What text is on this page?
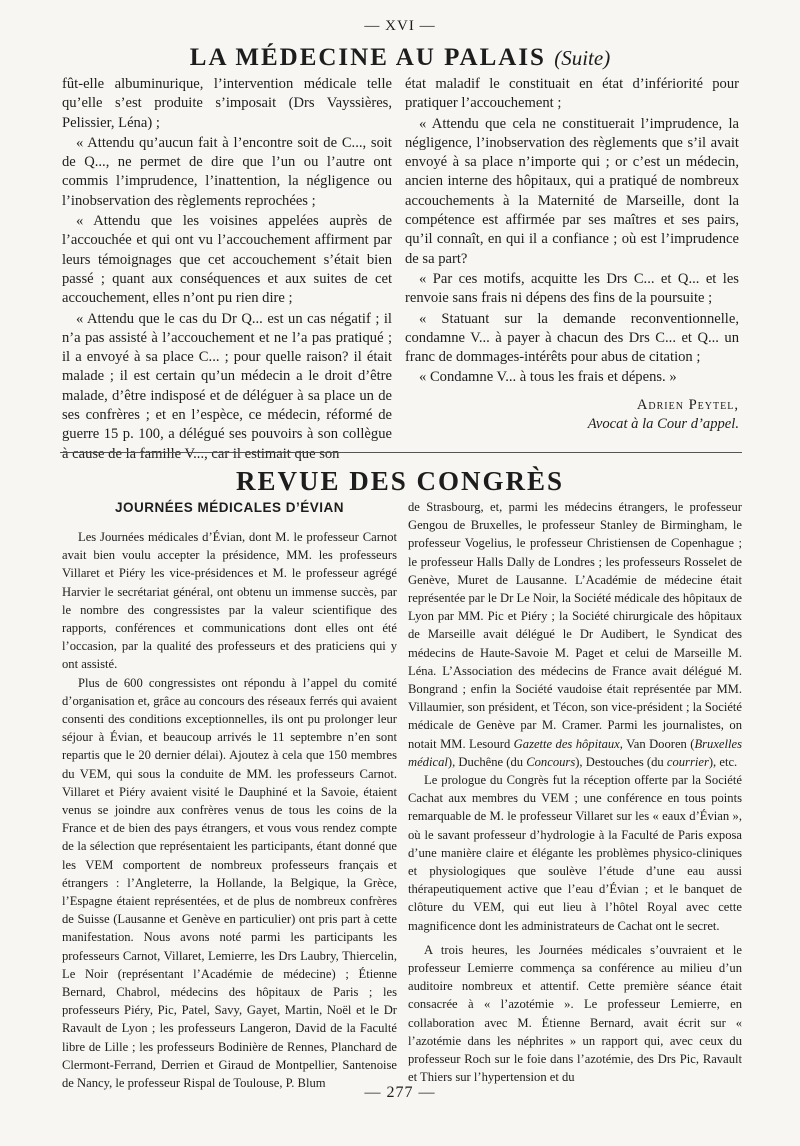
— XVI —
LA MÉDECINE AU PALAIS (Suite)

fût-elle albuminurique, l’intervention médicale telle qu’elle s’est produite s’imposait (Drs Vayssières, Pelissier, Léna) ;

« Attendu qu’aucun fait à l’encontre soit de C..., soit de Q..., ne permet de dire que l’un ou l’autre ont commis l’imprudence, l’inattention, la négligence ou l’inobservation des règlements reprochées ;

« Attendu que les voisines appelées auprès de l’accouchée et qui ont vu l’accouchement affirment par leurs témoignages que cet accouchement s’était bien passé ; quant aux conséquences et aux suites de cet accouchement, elles n’ont pu rien dire ;

« Attendu que le cas du Dr Q... est un cas négatif ; il n’a pas assisté à l’accouchement et ne l’a pas pratiqué ; il a envoyé à sa place C... ; pour quelle raison? il était malade ; il est certain qu’un médecin a le droit d’être malade, d’être indisposé et de déléguer à sa place un de ses confrères ; et en l’espèce, ce médecin, réformé de guerre 15 p. 100, a délégué ses pouvoirs à son collègue à cause de la famille V..., car il estimait que son

état maladif le constituait en état d’infériorité pour pratiquer l’accouchement ;

« Attendu que cela ne constituerait l’imprudence, la négligence, l’inobservation des règlements que s’il avait envoyé à sa place n’importe qui ; or c’est un médecin, ancien interne des hôpitaux, qui a pratiqué de nombreux accouchements à la Maternité de Marseille, dont la compétence est affirmée par ses maîtres et ses pairs, qu’il connaît, en qui il a confiance ; où est l’imprudence de sa part?

« Par ces motifs, acquitte les Drs C... et Q... et les renvoie sans frais ni dépens des fins de la poursuite ;

« Statuant sur la demande reconventionnelle, condamne V... à payer à chacun des Drs C... et Q... un franc de dommages-intérêts pour abus de citation ;

« Condamne V... à tous les frais et dépens. »

Adrien Peytel,
Avocat à la Cour d’appel.
REVUE DES CONGRÈS
JOURNÉES MÉDICALES D’ÉVIAN

Les Journées médicales d’Évian, dont M. le professeur Carnot avait bien voulu accepter la présidence, MM. les professeurs Villaret et Piéry les vice-présidences et M. le professeur agrégé Harvier le secrétariat général, ont obtenu un immense succès, par le nombre des congressistes par la valeur scientifique des rapports, conférences et communications dont elles ont été l’occasion, par la qualité des professeurs et des praticiens qui y ont assisté.

Plus de 600 congressistes ont répondu à l’appel du comité d’organisation et, grâce au concours des réseaux ferrés qui avaient consenti des conditions exceptionnelles, ils ont pu prolonger leur séjour à Évian, et beaucoup arrivés le 11 septembre n’en sont repartis que le 20 dernier délai). Ajoutez à cela que 150 membres du VEM, qui sous la conduite de MM. les professeurs Carnot. Villaret et Piéry avaient visité le Dauphiné et la Savoie, étaient venus se joindre aux confrères venus de tous les coins de la France et de bien des pays étrangers, et vous vous rendez compte de la sélection que représentaient les participants, étant donné que les VEM comportent de nombreux professeurs français et étrangers : l’Angleterre, la Hollande, la Belgique, la Grèce, l’Espagne étaient représentées, et de plus de nombreux confrères de Suisse (Lausanne et Genève en particulier) ont pris part à cette manifestation. Nous avons noté parmi les participants les professeurs Carnot, Villaret, Lemierre, les Drs Laubry, Thiercelin, Le Noir (représentant l’Académie de médecine) ; Étienne Bernard, Chabrol, médecins des hôpitaux de Paris ; les professeurs Piéry, Pic, Patel, Savy, Gayet, Martin, Noël et le Dr Ravault de Lyon ; les professeurs Langeron, David de la Faculté libre de Lille ; les professeurs Bodinière de Rennes, Planchard de Clermont-Ferrand, Derrien et Giraud de Montpellier, Santenoise de Nancy, le professeur Rispal de Toulouse, P. Blum

de Strasbourg, et, parmi les médecins étrangers, le professeur Gengou de Bruxelles, le professeur Stanley de Birmingham, le professeur Vogelius, le professeur Christiensen de Copenhague ; le professeur Halls Dally de Londres ; les professeurs Rosselet de Genève, Muret de Lausanne. L’Académie de médecine était représentée par le Dr Le Noir, la Société médicale des hôpitaux de Lyon par MM. Pic et Piéry ; la Société chirurgicale des hôpitaux de Marseille avait délégué le Dr Audibert, le Syndicat des médecins de Haute-Savoie M. Paget et celui de Marseille M. Léna. L’Association des médecins de France avait délégué M. Bongrand ; enfin la Société vaudoise était représentée par MM. Villaumier, son président, et Técon, son vice-président ; la Société médicale de Genève par M. Cramer. Parmi les journalistes, on notait MM. Lesourd Gazette des hôpitaux, Van Dooren (Bruxelles médical), Duchêne (du Concours), Destouches (du courrier), etc.

Le prologue du Congrès fut la réception offerte par la Société Cachat aux membres du VEM ; une conférence en tous points remarquable de M. le professeur Villaret sur les « eaux d’Évian », où le savant professeur d’hydrologie à la Faculté de Paris exposa d’une manière claire et élégante les problèmes physico-cliniques et physiologiques que soulève l’étude d’une eau aussi thérapeutiquement active que l’eau d’Évian ; et le banquet de clôture du VEM, qui eut lieu à l’hôtel Royal avec cette magnificence dont les administrateurs de Cachat ont le secret.

A trois heures, les Journées médicales s’ouvraient et le professeur Lemierre commença sa conférence au milieu d’un auditoire nombreux et attentif. Cette première séance était consacrée à « l’azotémie ». Le professeur Lemierre, en collaboration avec M. Étienne Bernard, avait écrit sur « l’azotémie dans les néphrites » un rapport qui, avec ceux du professeur Roch sur le foie dans l’azotémie, des Drs Pic, Ravault et Thiers sur l’hypertension et du

— 277 —
